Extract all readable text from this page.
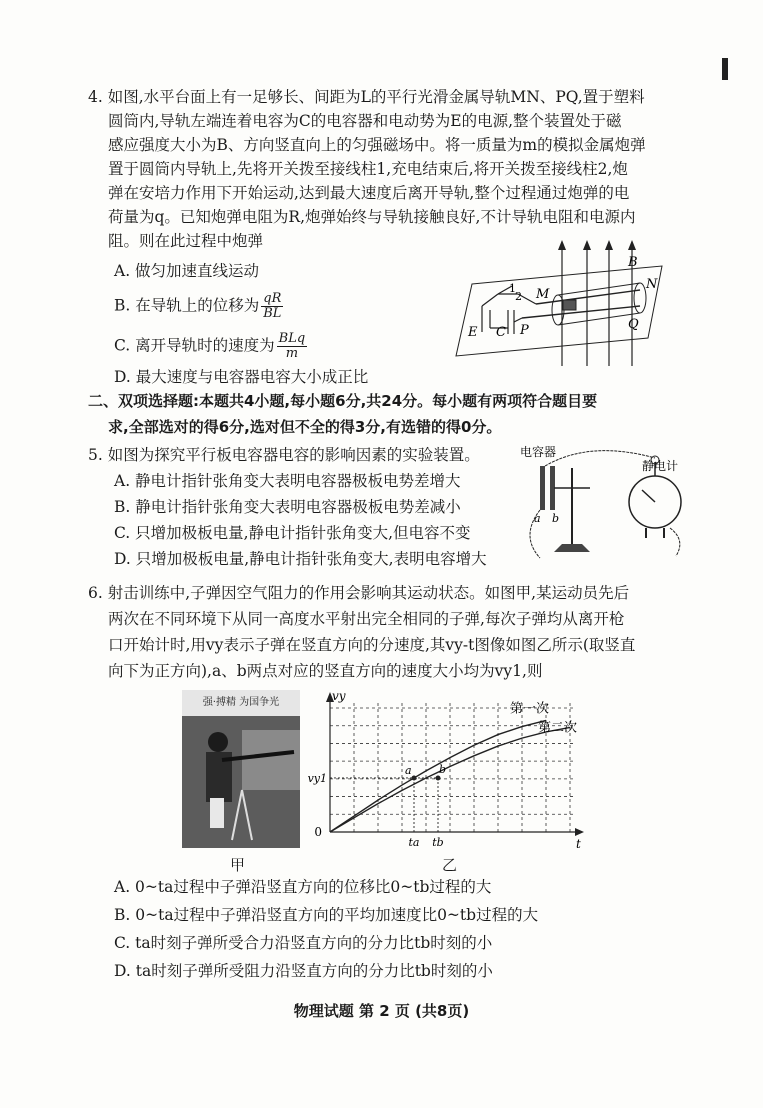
4. 如图,水平台面上有一足够长、间距为L的平行光滑金属导轨MN、PQ,置于塑料
圆筒内,导轨左端连着电容为C的电容器和电动势为E的电源,整个装置处于磁
感应强度大小为B、方向竖直向上的匀强磁场中。将一质量为m的模拟金属炮弹
置于圆筒内导轨上,先将开关拨至接线柱1,充电结束后,将开关拨至接线柱2,炮
弹在安培力作用下开始运动,达到最大速度后离开导轨,整个过程通过炮弹的电
荷量为q。已知炮弹电阻为R,炮弹始终与导轨接触良好,不计导轨电阻和电源内
阻。则在此过程中炮弹
A. 做匀加速直线运动
B. 在导轨上的位移为 $\frac{qR}{BL}$
C. 离开导轨时的速度为 $\frac{\text{BLq}}{m}$
D. 最大速度与电容器电容大小成正比
B
N
M
Q
P
E C
1
2
二、双项选择题:本题共4小题,每小题6分,共24分。每小题有两项符合题目要
求,全部选对的得6分,选对但不全的得3分,有选错的得0分。
5. 如图为探究平行板电容器电容的影响因素的实验装置。
A. 静电计指针张角变大表明电容器极板电势差增大
B. 静电计指针张角变大表明电容器极板电势差减小
C. 只增加极板电量,静电计指针张角变大,但电容不变
D. 只增加极板电量,静电计指针张角变大,表明电容增大
电容器
静电计
a b
6. 射击训练中,子弹因空气阻力的作用会影响其运动状态。如图甲,某运动员先后
两次在不同环境下从同一高度水平射出完全相同的子弹,每次子弹均从离开枪
口开始计时,用vy表示子弹在竖直方向的分速度,其vy-t图像如图乙所示(取竖直
向下为正方向),a、b两点对应的竖直方向的速度大小均为vy1,则
强·搏精 为国争光
甲
0
vy
t
第一次
第二次
a b
vy1
ta tb
乙
A. 0~ta过程中子弹沿竖直方向的位移比0~tb过程的大
B. 0~ta过程中子弹沿竖直方向的平均加速度比0~tb过程的大
C. ta时刻子弹所受合力沿竖直方向的分力比tb时刻的小
D. ta时刻子弹所受阻力沿竖直方向的分力比tb时刻的小
物理试题 第 2 页 (共8页)
